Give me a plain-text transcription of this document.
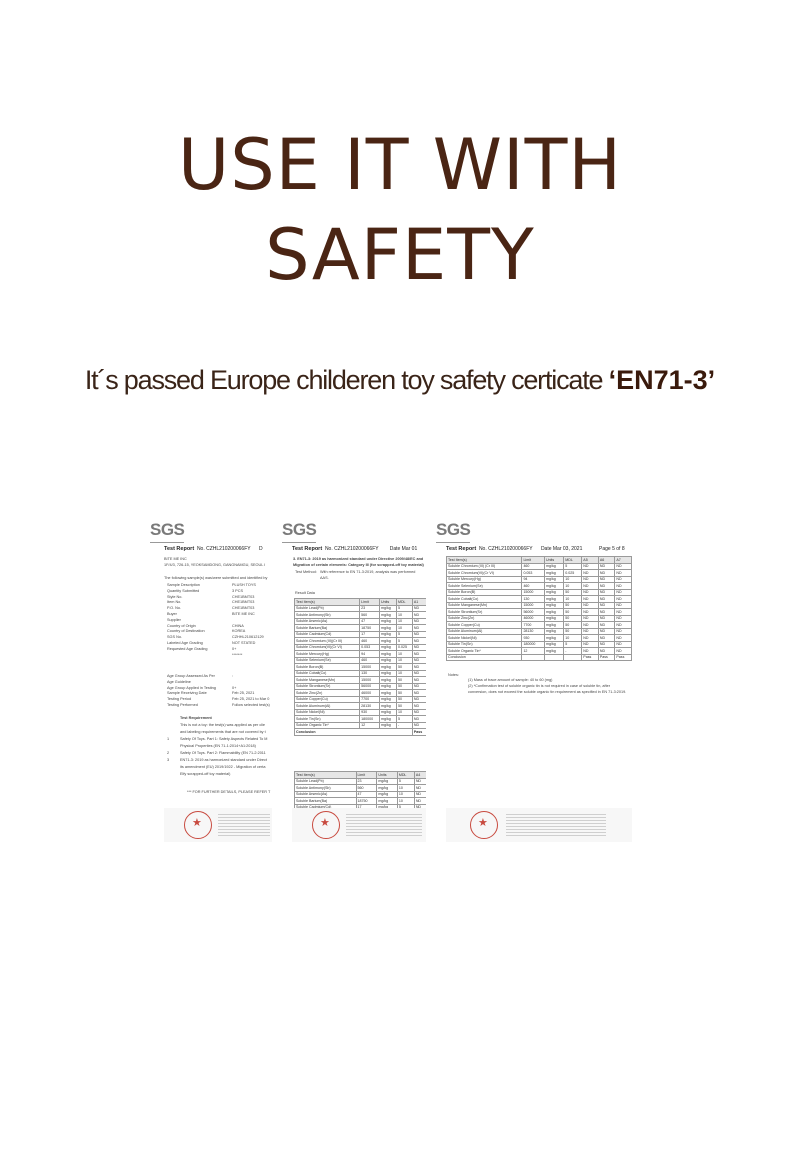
USE IT WITH
SAFETY
It´s passed Europe childeren toy safety certicate ‘EN71-3’
SGS
Test Report No. CZHL210200066FY D
BITE ME INC
1F/4/3, 726-15, YEOKSAMDONG, GANGNAMGU, SEOUL I
The following sample(s) was/were submitted and identified by
Sample Description	PLUSH TOYS
Quantity Submitted	3 PCS
Style No.	CHE1BMT03
Item No.	CHE1BMT03
P.O. No.	CHE1BMT03
Buyer	BITE ME INC
Supplier
Country of Origin	CHINA
Country of Destination	KOREA
SGS No.	CZHHL210612129
Labeled Age Grading	NOT STATED
Requested Age Grading	0+
*******
Age Group Assessed As Per	:
Age Guideline
Age Group Applied in Testing	0+
Sample Receiving Date	Feb 25, 2021
Testing Period	Feb 25, 2021 to Mar 0
Testing Performed	Follow selected test(s)
Test Requirement
This is not a toy: the test(s) was applied as per clie
and labeling requirements that are not covered by t
1	Safety Of Toys. Part 1: Safety Aspects Related To M
Physical Properties (EN 71-1:2014+A1:2018)
2	Safety Of Toys. Part 2: Flammability (EN 71-2:2011
3	EN71-3: 2019 as harmonized standard under Direct
its amendment (EU) 2019/1922 - Migration of certa
Elfy scrapped-off toy material)
*** FOR FURTHER DETAILS, PLEASE REFER T
★
SGS
Test Report No. CZHL210200066FY Date Mar 01
3. EN71-3: 2019 as harmonized standard under Directive 2009/48/EC and
Migration of certain elements: Category III (for scrapped-off toy material)
Test Method: With reference to EN 71-3:2019, analysis was performed
AAS.
Result Data
Test Item(s)	Limit	Units	MDL	A1
Soluble Lead(Pb)	23	mg/kg	5	ND
Soluble Antimony(Sb)	560	mg/kg	10	ND
Soluble Arsenic(As)	47	mg/kg	10	ND
Soluble Barium(Ba)	18750	mg/kg	10	ND
Soluble Cadmium(Cd)	17	mg/kg	5	ND
Soluble Chromium (III)(Cr III)	460	mg/kg	5	ND
Soluble Chromium(VI)(Cr VI)	0.053	mg/kg	0.025	ND
Soluble Mercury(Hg)	94	mg/kg	10	ND
Soluble Selenium(Se)	460	mg/kg	10	ND
Soluble Boron(B)	15000	mg/kg	50	ND
Soluble Cobalt(Co)	130	mg/kg	10	ND
Soluble Manganese(Mn)	15000	mg/kg	50	ND
Soluble Strontium(Sr)	56000	mg/kg	50	ND
Soluble Zinc(Zn)	46000	mg/kg	50	ND
Soluble Copper(Cu)	7700	mg/kg	50	ND
Soluble Aluminum(Al)	28130	mg/kg	50	ND
Soluble Nickel(Ni)	930	mg/kg	10	ND
Soluble Tin(Sn)	180000	mg/kg	5	ND
Soluble Organic Tin*	12	mg/kg	-	ND
Conclusion				Pass
Test Item(s)	Limit	Units	MDL	A4
Soluble Lead(Pb)	23	mg/kg	5	ND
Soluble Antimony(Sb)	560	mg/kg	10	ND
Soluble Arsenic(As)	47	mg/kg	10	ND
Soluble Barium(Ba)	18750	mg/kg	10	ND

★
SGS
Test Report No. CZHL210200066FY Date Mar 03, 2021	Page 5 of 8
Test Item(s)	Limit	Units	MDL	A5	A6	A7
Soluble Chromium (III) (Cr III)	460	mg/kg	5	ND	ND	ND
Soluble Chromium(VI)(Cr VI)	0.053	mg/kg	0.025	ND	ND	ND
Soluble Mercury(Hg)	94	mg/kg	10	ND	ND	ND
Soluble Selenium(Se)	460	mg/kg	10	ND	ND	ND
Soluble Boron(B)	15000	mg/kg	50	ND	ND	ND
Soluble Cobalt(Co)	130	mg/kg	10	ND	ND	ND
Soluble Manganese(Mn)	15000	mg/kg	50	ND	ND	ND
Soluble Strontium(Sr)	56000	mg/kg	50	ND	ND	ND
Soluble Zinc(Zn)	46000	mg/kg	50	ND	ND	ND
Soluble Copper(Cu)	7700	mg/kg	50	ND	ND	ND
Soluble Aluminum(Al)	28130	mg/kg	50	ND	ND	ND
Soluble Nickel(Ni)	930	mg/kg	10	ND	ND	ND
Soluble Tin(Sn)	180000	mg/kg	5	ND	ND	ND
Soluble Organic Tin*	12	mg/kg	-	ND	ND	ND
Conclusion				Pass	Pass	Pass
Notes:
(1) Mass of trace amount of sample: 40 to 60 (mg)
(2) *Confirmation test of soluble organic tin is not required in case of soluble tin, after
conversion, does not exceed the soluble organic tin requirement as specified in EN 71-3:2019.
★
